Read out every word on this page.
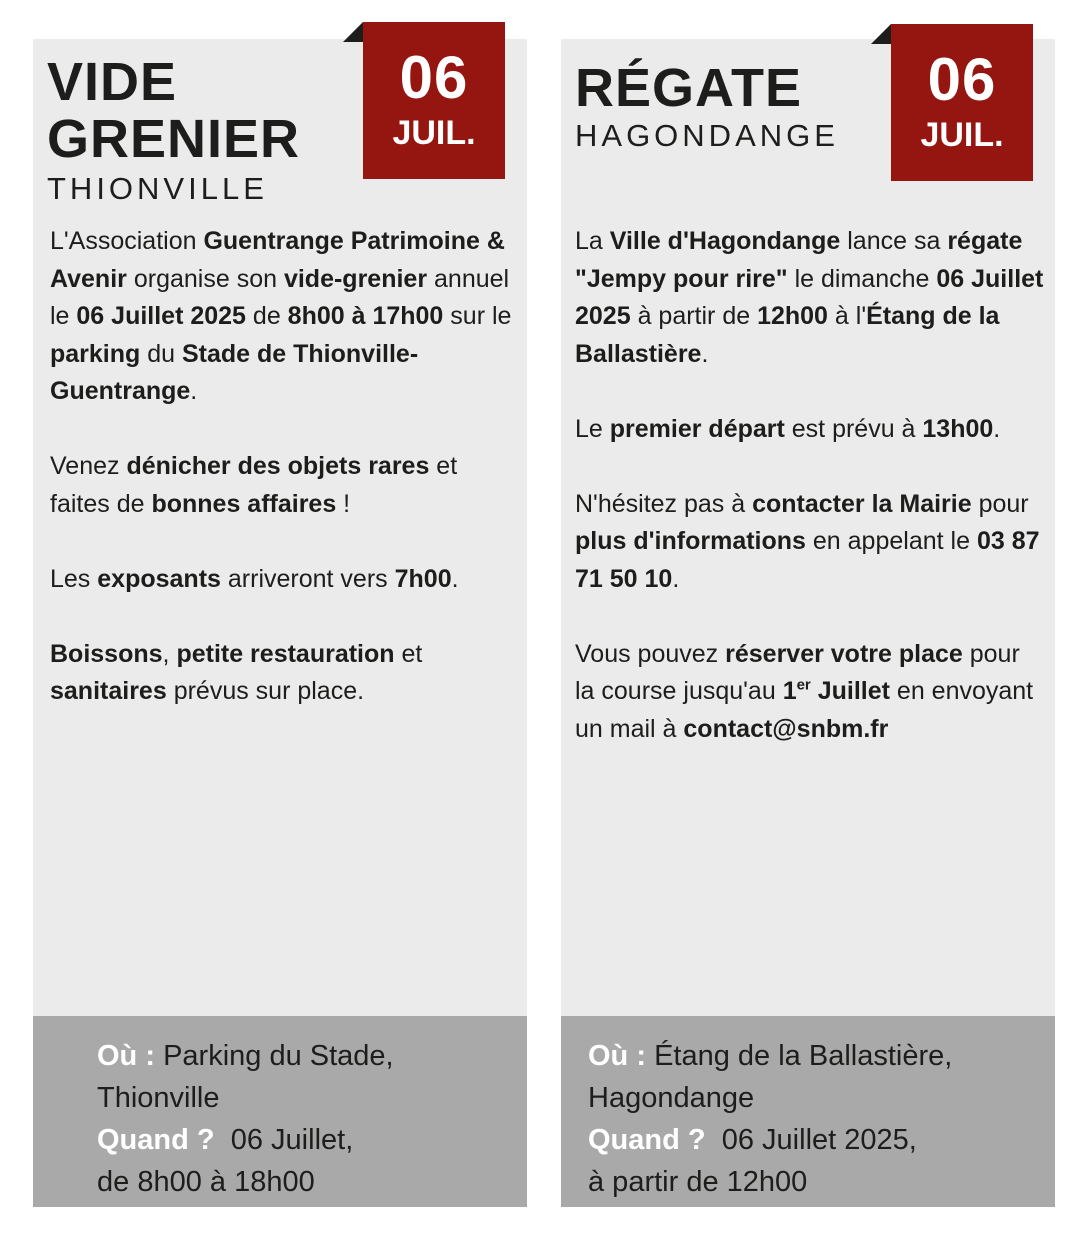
06
JUIL.
VIDE
GRENIER
THIONVILLE

L'Association Guentrange Patrimoine & Avenir organise son vide-grenier annuel le 06 Juillet 2025 de 8h00 à 17h00 sur le parking du Stade de Thionville-Guentrange.

Venez dénicher des objets rares et faites de bonnes affaires !

Les exposants arriveront vers 7h00.

Boissons, petite restauration et sanitaires prévus sur place.

Où : Parking du Stade,
Thionville
Quand ? 06 Juillet,
de 8h00 à 18h00
06
JUIL.
RÉGATE
HAGONDANGE

La Ville d'Hagondange lance sa régate "Jempy pour rire" le dimanche 06 Juillet 2025 à partir de 12h00 à l'Étang de la Ballastière.

Le premier départ est prévu à 13h00.

N'hésitez pas à contacter la Mairie pour plus d'informations en appelant le 03 87 71 50 10.

Vous pouvez réserver votre place pour la course jusqu'au 1er Juillet en envoyant un mail à contact@snbm.fr

Où : Étang de la Ballastière,
Hagondange
Quand ? 06 Juillet 2025,
à partir de 12h00
